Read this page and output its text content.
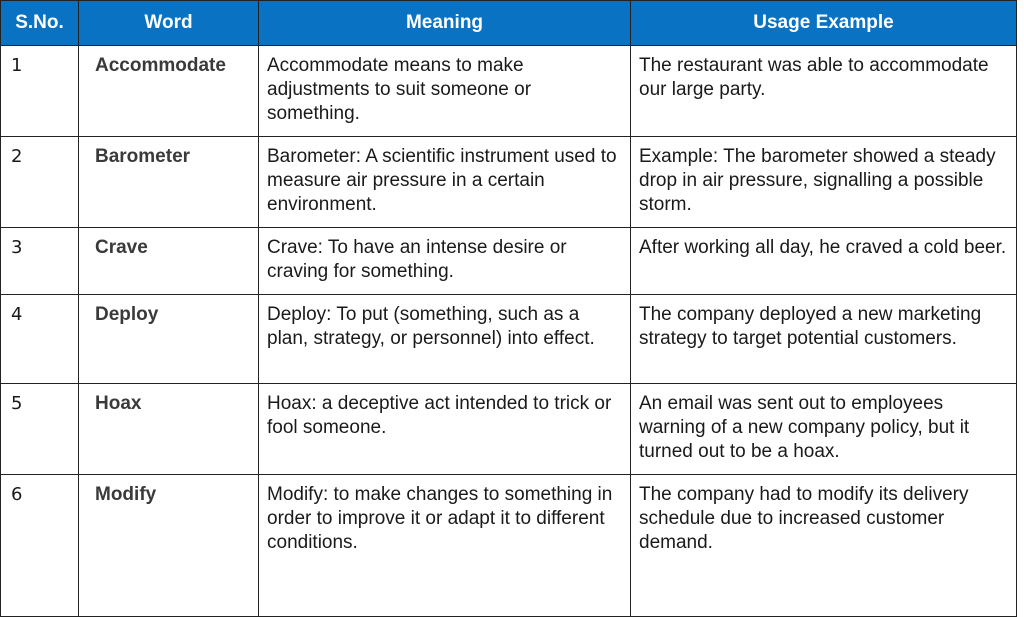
S.No.	Word	Meaning	Usage Example
1	Accommodate	Accommodate means to make adjustments to suit someone or something.	The restaurant was able to accommodate our large party.
2	Barometer	Barometer: A scientific instrument used to measure air pressure in a certain environment.	Example: The barometer showed a steady drop in air pressure, signalling a possible storm.
3	Crave	Crave: To have an intense desire or craving for something.	After working all day, he craved a cold beer.
4	Deploy	Deploy: To put (something, such as a plan, strategy, or personnel) into effect.	The company deployed a new marketing strategy to target potential customers.
5	Hoax	Hoax: a deceptive act intended to trick or fool someone.	An email was sent out to employees warning of a new company policy, but it turned out to be a hoax.
6	Modify	Modify: to make changes to something in order to improve it or adapt it to different conditions.	The company had to modify its delivery schedule due to increased customer demand.
